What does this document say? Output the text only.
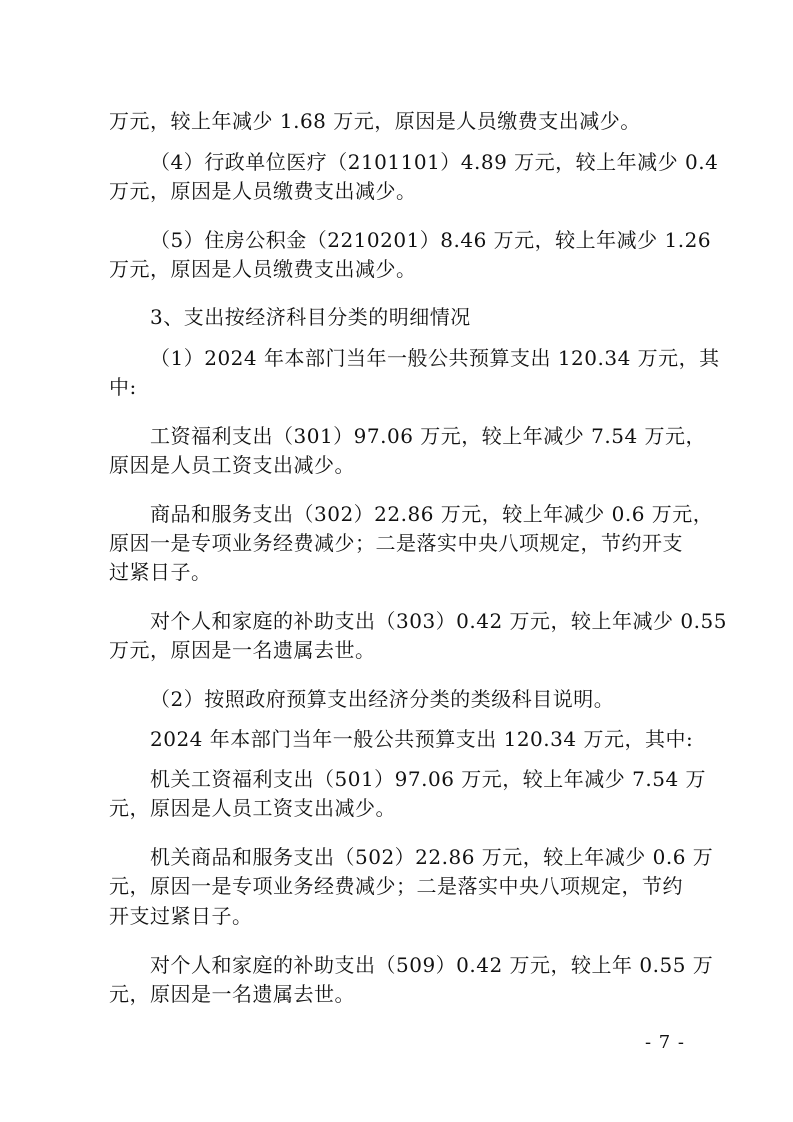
万元，较上年减少 1.68 万元，原因是人员缴费支出减少。
（4）行政单位医疗（2101101）4.89 万元，较上年减少 0.4
万元，原因是人员缴费支出减少。
（5）住房公积金（2210201）8.46 万元，较上年减少 1.26
万元，原因是人员缴费支出减少。
3、支出按经济科目分类的明细情况
（1）2024 年本部门当年一般公共预算支出 120.34 万元，其
中:
工资福利支出（301）97.06 万元，较上年减少 7.54 万元，
原因是人员工资支出减少。
商品和服务支出（302）22.86 万元，较上年减少 0.6 万元，
原因一是专项业务经费减少；二是落实中央八项规定，节约开支
过紧日子。
对个人和家庭的补助支出（303）0.42 万元，较上年减少 0.55
万元，原因是一名遗属去世。
（2）按照政府预算支出经济分类的类级科目说明。
2024 年本部门当年一般公共预算支出 120.34 万元，其中:
机关工资福利支出（501）97.06 万元，较上年减少 7.54 万
元，原因是人员工资支出减少。
机关商品和服务支出（502）22.86 万元，较上年减少 0.6 万
元，原因一是专项业务经费减少；二是落实中央八项规定，节约
开支过紧日子。
对个人和家庭的补助支出（509）0.42 万元，较上年 0.55 万
元，原因是一名遗属去世。
- 7 -
